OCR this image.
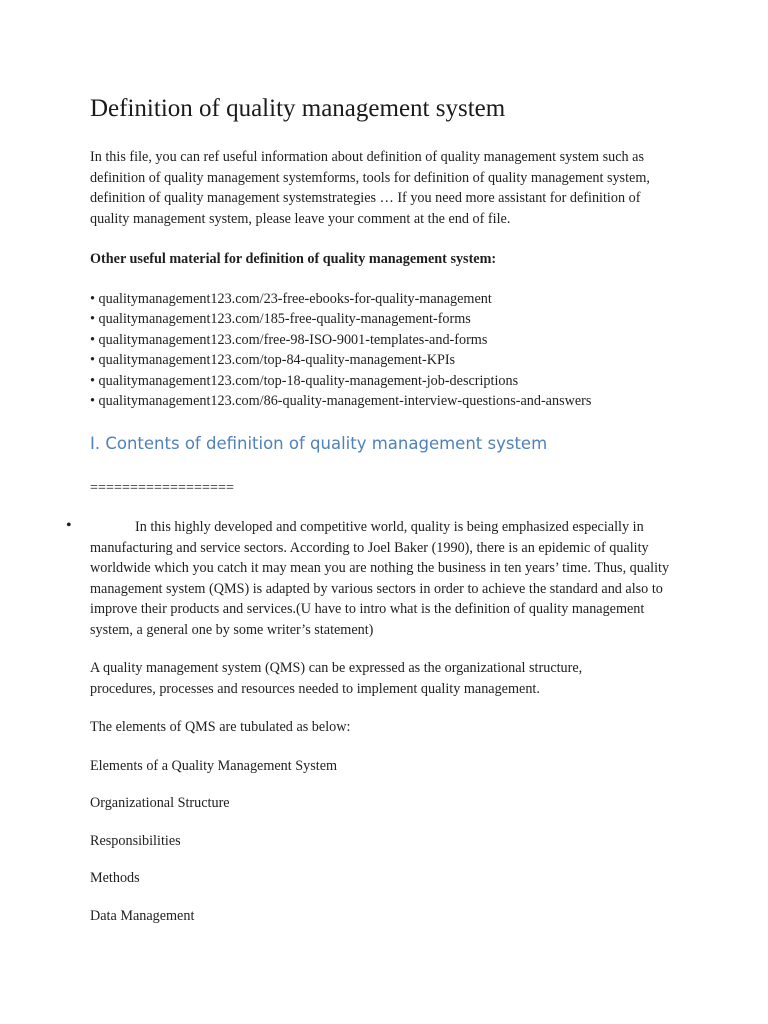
Definition of quality management system

In this file, you can ref useful information about definition of quality management system such as definition of quality management systemforms, tools for definition of quality management system, definition of quality management systemstrategies … If you need more assistant for definition of quality management system, please leave your comment at the end of file.

Other useful material for definition of quality management system:

• qualitymanagement123.com/23-free-ebooks-for-quality-management
• qualitymanagement123.com/185-free-quality-management-forms
• qualitymanagement123.com/free-98-ISO-9001-templates-and-forms
• qualitymanagement123.com/top-84-quality-management-KPIs
• qualitymanagement123.com/top-18-quality-management-job-descriptions
• qualitymanagement123.com/86-quality-management-interview-questions-and-answers
I. Contents of definition of quality management system

==================

•	In this highly developed and competitive world, quality is being emphasized especially in manufacturing and service sectors. According to Joel Baker (1990), there is an epidemic of quality worldwide which you catch it may mean you are nothing the business in ten years’ time. Thus, quality management system (QMS) is adapted by various sectors in order to achieve the standard and also to improve their products and services.(U have to intro what is the definition of quality management system, a general one by some writer’s statement)

A quality management system (QMS) can be expressed as the organizational structure, procedures, processes and resources needed to implement quality management.

The elements of QMS are tubulated as below:

Elements of a Quality Management System

Organizational Structure

Responsibilities

Methods

Data Management
